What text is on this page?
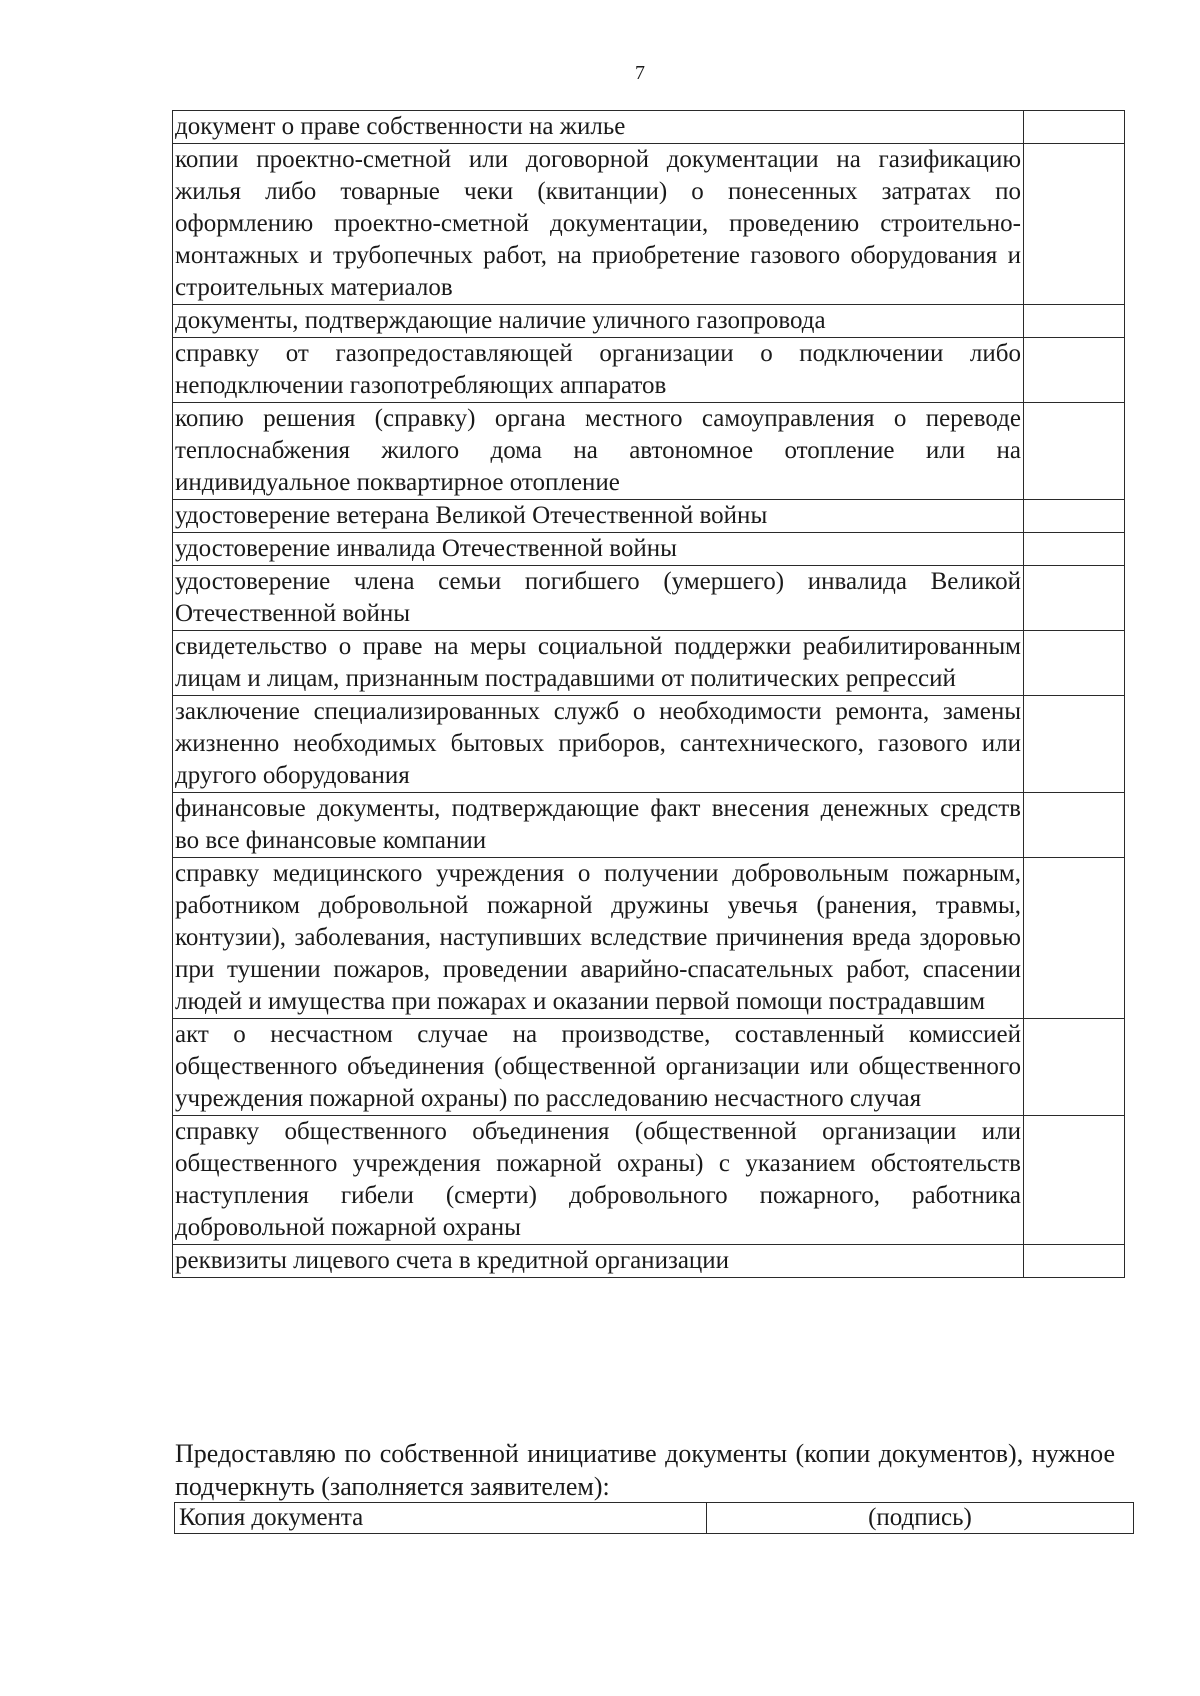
7
документ о праве собственности на жилье	
копии проектно-сметной или договорной документации на газификацию жилья либо товарные чеки (квитанции) о понесенных затратах по оформлению проектно-сметной документации, проведению строительно-монтажных и трубопечных работ, на приобретение газового оборудования и строительных материалов	
документы, подтверждающие наличие уличного газопровода	
справку от газопредоставляющей организации о подключении либо неподключении газопотребляющих аппаратов	
копию решения (справку) органа местного самоуправления о переводе теплоснабжения жилого дома на автономное отопление или на индивидуальное поквартирное отопление	
удостоверение ветерана Великой Отечественной войны	
удостоверение инвалида Отечественной войны	
удостоверение члена семьи погибшего (умершего) инвалида Великой Отечественной войны	
свидетельство о праве на меры социальной поддержки реабилитированным лицам и лицам, признанным пострадавшими от политических репрессий	
заключение специализированных служб о необходимости ремонта, замены жизненно необходимых бытовых приборов, сантехнического, газового или другого оборудования	
финансовые документы, подтверждающие факт внесения денежных средств во все финансовые компании	
справку медицинского учреждения о получении добровольным пожарным, работником добровольной пожарной дружины увечья (ранения, травмы, контузии), заболевания, наступивших вследствие причинения вреда здоровью при тушении пожаров, проведении аварийно-спасательных работ, спасении людей и имущества при пожарах и оказании первой помощи пострадавшим	
акт о несчастном случае на производстве, составленный комиссией общественного объединения (общественной организации или общественного учреждения пожарной охраны) по расследованию несчастного случая	
справку общественного объединения (общественной организации или общественного учреждения пожарной охраны) с указанием обстоятельств наступления гибели (смерти) добровольного пожарного, работника добровольной пожарной охраны	
реквизиты лицевого счета в кредитной организации	

Предоставляю по собственной инициативе документы (копии документов), нужное подчеркнуть (заполняется заявителем):

Копия документа	(подпись)
